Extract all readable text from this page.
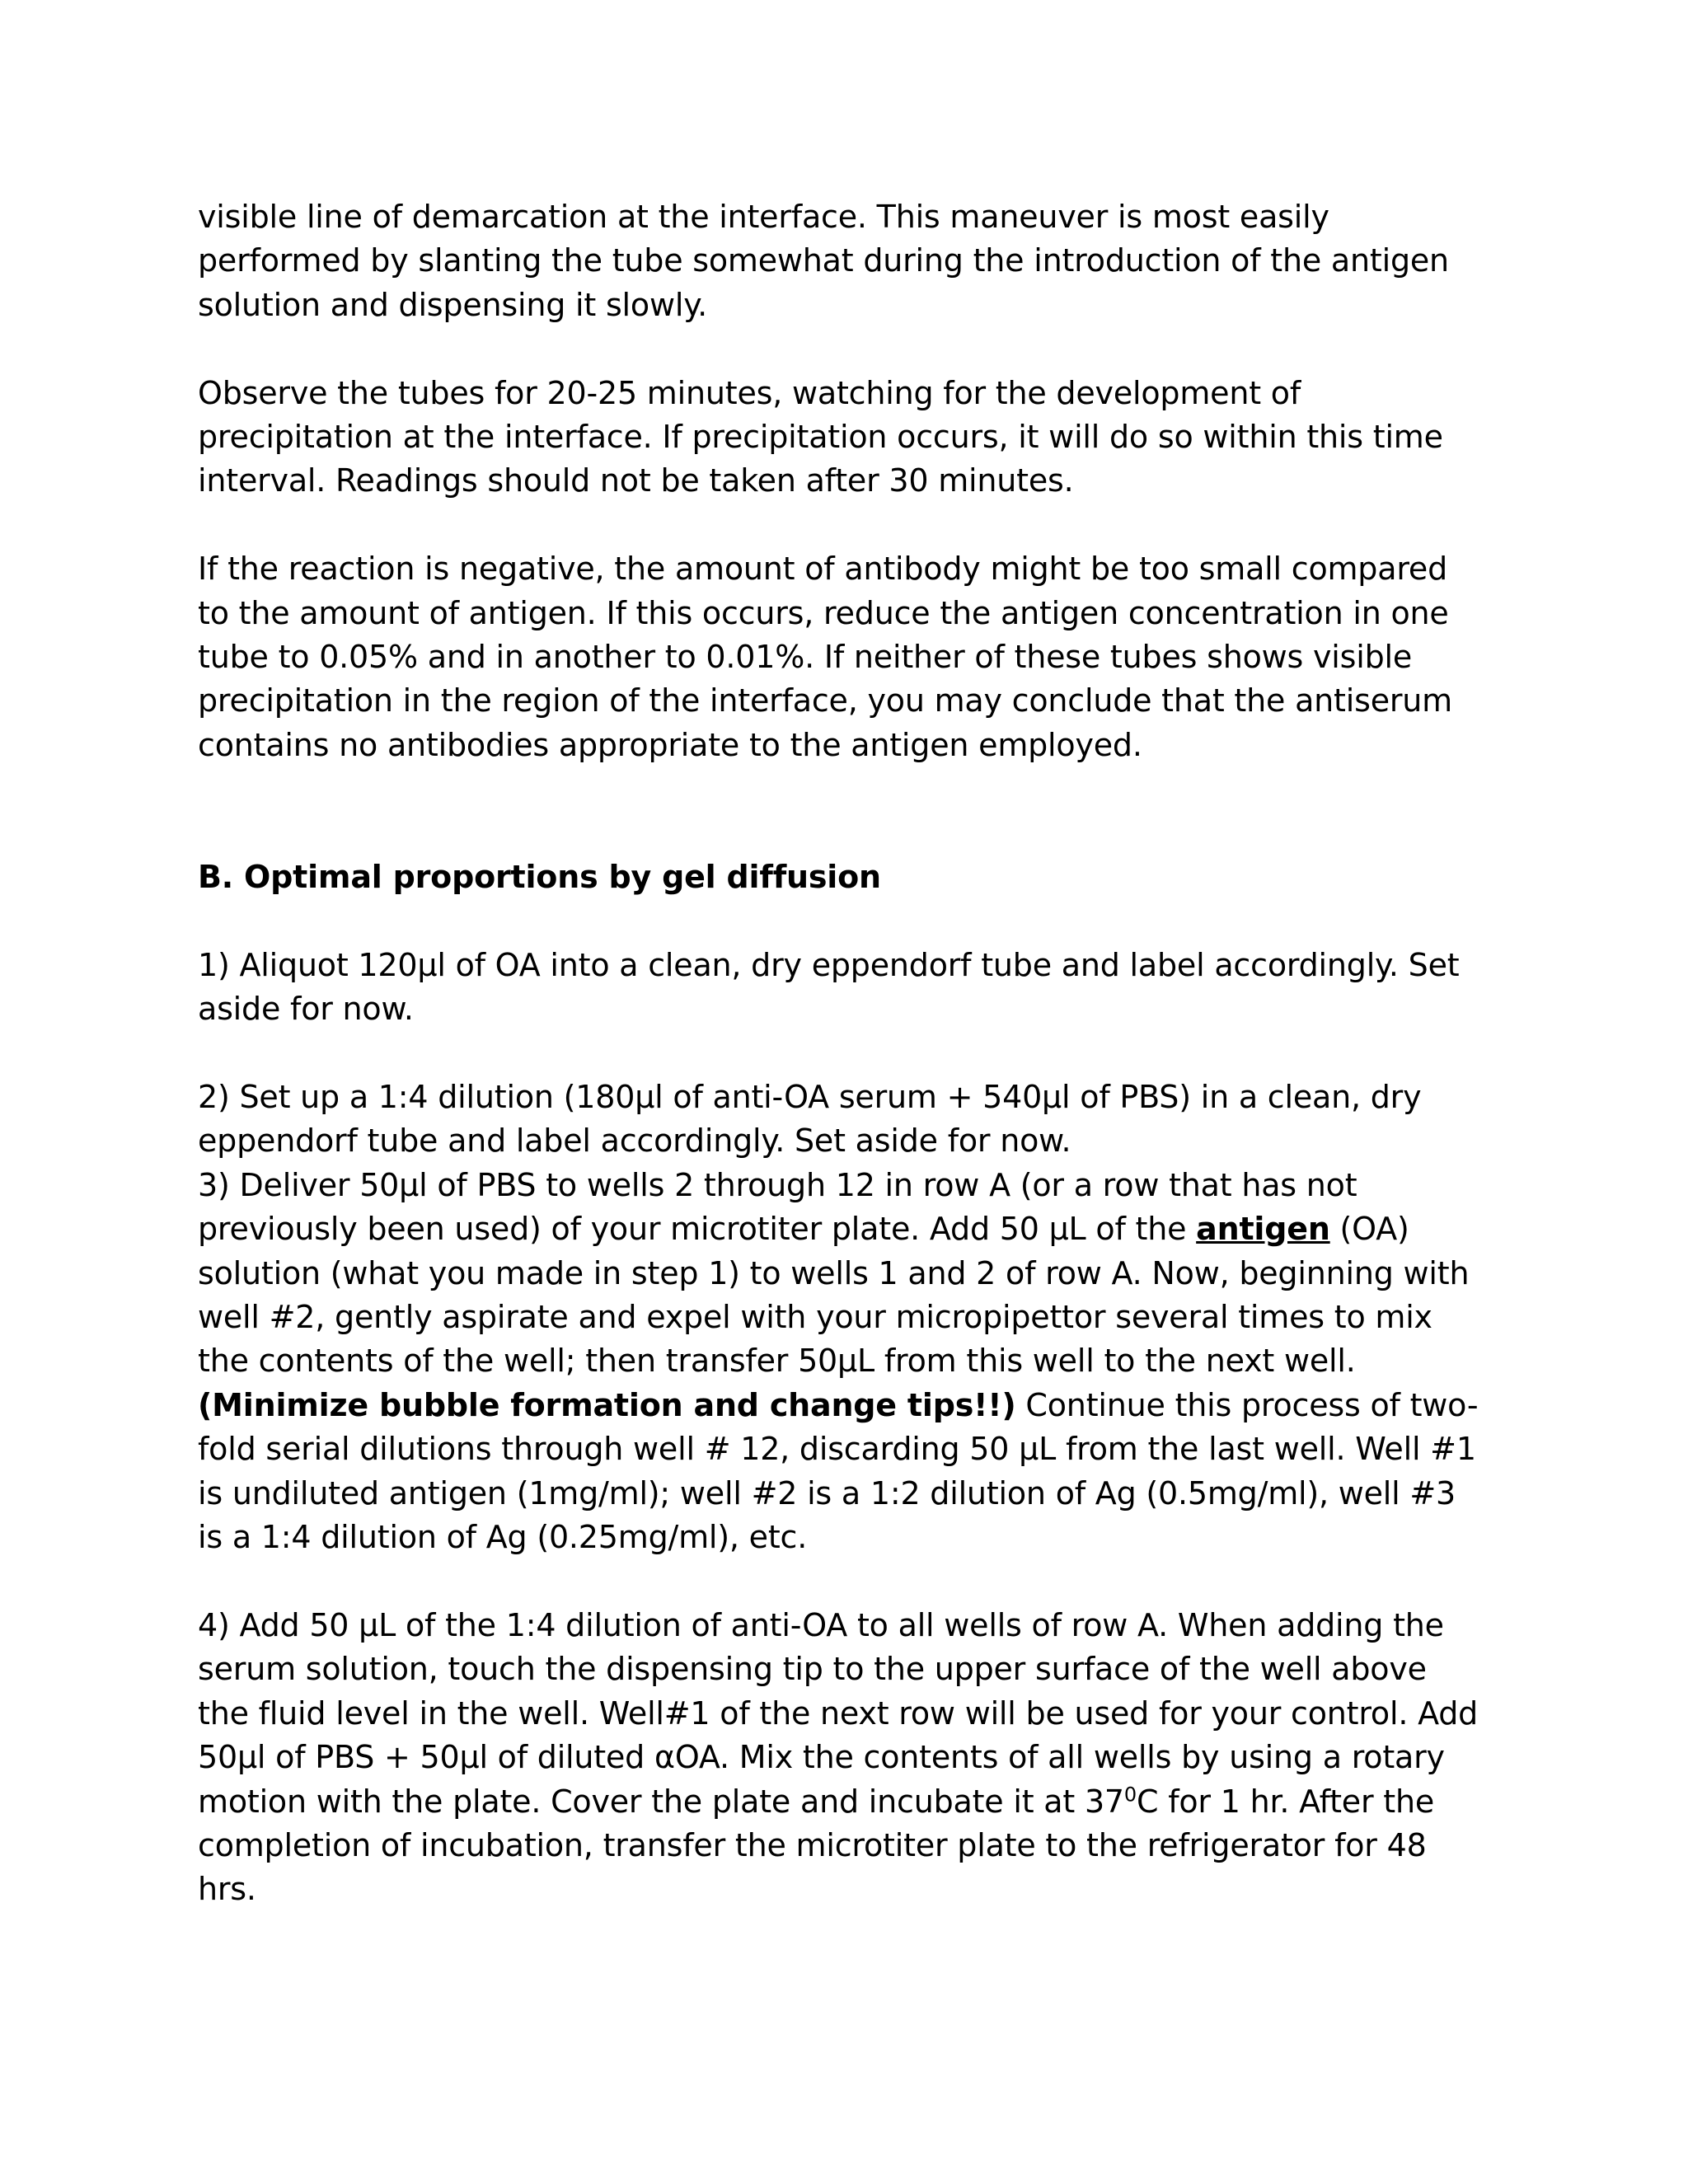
visible line of demarcation at the interface. This maneuver is most easily performed by slanting the tube somewhat during the introduction of the antigen solution and dispensing it slowly.

Observe the tubes for 20-25 minutes, watching for the development of precipitation at the interface. If precipitation occurs, it will do so within this time interval. Readings should not be taken after 30 minutes.

If the reaction is negative, the amount of antibody might be too small compared to the amount of antigen. If this occurs, reduce the antigen concentration in one tube to 0.05% and in another to 0.01%. If neither of these tubes shows visible precipitation in the region of the interface, you may conclude that the antiserum contains no antibodies appropriate to the antigen employed.

B. Optimal proportions by gel diffusion

1) Aliquot 120µl of OA into a clean, dry eppendorf tube and label accordingly. Set aside for now.

2) Set up a 1:4 dilution (180µl of anti-OA serum + 540µl of PBS) in a clean, dry eppendorf tube and label accordingly. Set aside for now.

3) Deliver 50µl of PBS to wells 2 through 12 in row A (or a row that has not previously been used) of your microtiter plate. Add 50 µL of the antigen (OA) solution (what you made in step 1) to wells 1 and 2 of row A. Now, beginning with well #2, gently aspirate and expel with your micropipettor several times to mix the contents of the well; then transfer 50µL from this well to the next well. (Minimize bubble formation and change tips!!) Continue this process of two-fold serial dilutions through well # 12, discarding 50 µL from the last well. Well #1 is undiluted antigen (1mg/ml); well #2 is a 1:2 dilution of Ag (0.5mg/ml), well #3 is a 1:4 dilution of Ag (0.25mg/ml), etc.

4) Add 50 µL of the 1:4 dilution of anti-OA to all wells of row A. When adding the serum solution, touch the dispensing tip to the upper surface of the well above the fluid level in the well. Well#1 of the next row will be used for your control. Add 50µl of PBS + 50µl of diluted αOA. Mix the contents of all wells by using a rotary motion with the plate. Cover the plate and incubate it at $37^0C$ for 1 hr. After the completion of incubation, transfer the microtiter plate to the refrigerator for 48 hrs.
